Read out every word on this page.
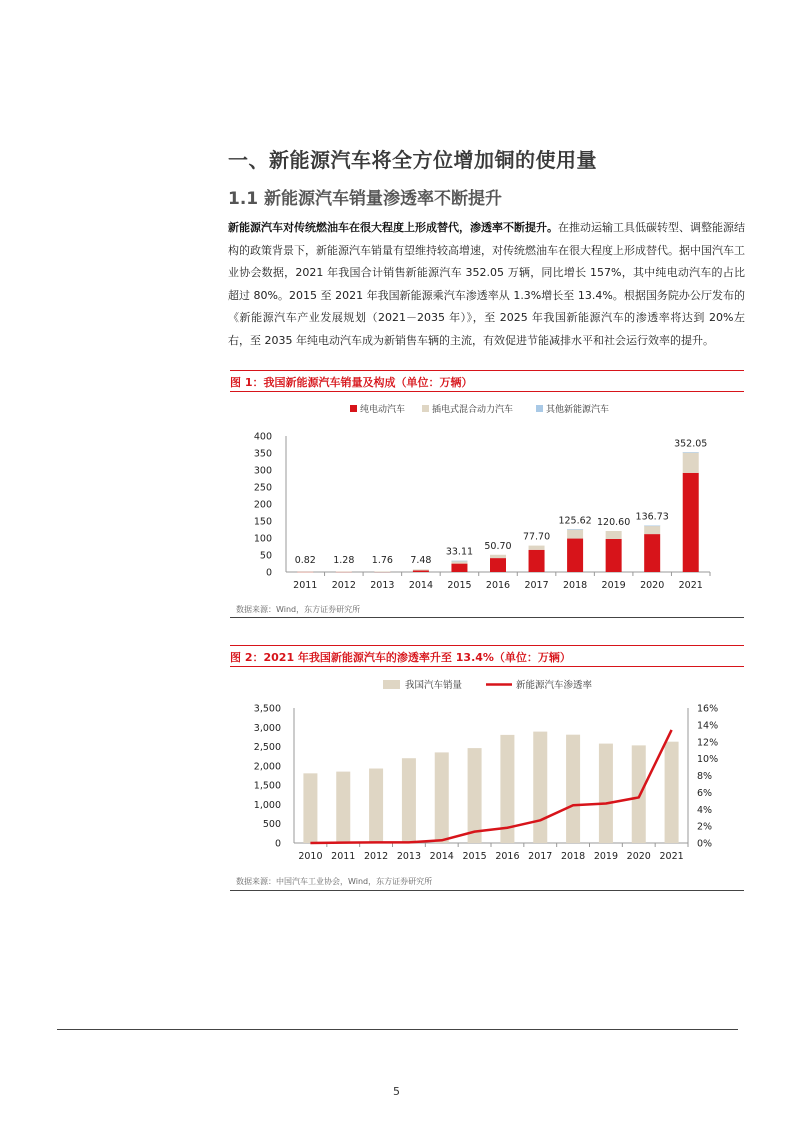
一、新能源汽车将全方位增加铜的使用量
1.1 新能源汽车销量渗透率不断提升
新能源汽车对传统燃油车在很大程度上形成替代，渗透率不断提升。在推动运输工具低碳转型、调整能源结构的政策背景下，新能源汽车销量有望维持较高增速，对传统燃油车在很大程度上形成替代。据中国汽车工业协会数据，2021 年我国合计销售新能源汽车 352.05 万辆，同比增长 157%，其中纯电动汽车的占比超过 80%。2015 至 2021 年我国新能源乘汽车渗透率从 1.3%增长至 13.4%。根据国务院办公厅发布的《新能源汽车产业发展规划（2021－2035 年）》，至 2025 年我国新能源汽车的渗透率将达到 20%左右，至 2035 年纯电动汽车成为新销售车辆的主流，有效促进节能减排水平和社会运行效率的提升。
图 1：我国新能源汽车销量及构成（单位：万辆）
纯电动汽车	插电式混合动力汽车	其他新能源汽车
0
50
100
150
200
250
300
350
400
2011
0.82
2012
1.28
2013
1.76
2014
7.48
2015
33.11
2016
50.70
2017
77.70
2018
125.62
2019
120.60
2020
136.73
2021
352.05
数据来源：Wind，东方证券研究所
图 2：2021 年我国新能源汽车的渗透率升至 13.4%（单位：万辆）
我国汽车销量	新能源汽车渗透率
0
500
1,000
1,500
2,000
2,500
3,000
3,500
0%
2%
4%
6%
8%
10%
12%
14%
16%
2010 2011 2012 2013 2014 2015 2016 2017 2018 2019 2020 2021
数据来源：中国汽车工业协会，Wind，东方证券研究所
5
